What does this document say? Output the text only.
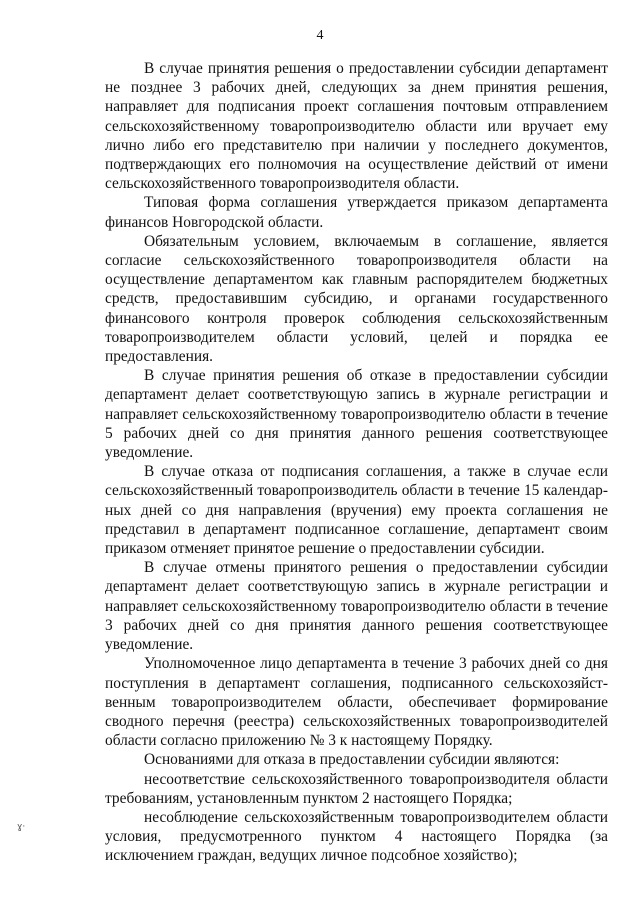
4

В случае принятия решения о предоставлении субсидии департамент не позднее 3 рабочих дней, следующих за днем принятия решения, направляет для подписания проект соглашения почтовым отправлением сельскохозяйственному товаропроизводителю области или вручает ему лично либо его представителю при наличии у последнего документов, подтверждающих его полномочия на осуществление действий от имени сельскохозяйственного товаропроизводителя области.

Типовая форма соглашения утверждается приказом департамента финансов Новгородской области.

Обязательным условием, включаемым в соглашение, является согласие сельскохозяйственного товаропроизводителя области на осуществление департаментом как главным распорядителем бюджетных средств, предоставившим субсидию, и органами государственного финансового контроля проверок соблюдения сельскохозяйственным товаропроизводителем области условий, целей и порядка ее предоставления.

В случае принятия решения об отказе в предоставлении субсидии департамент делает соответствующую запись в журнале регистрации и направляет сельскохозяйственному товаропроизводителю области в течение 5 рабочих дней со дня принятия данного решения соответствующее уведомление.

В случае отказа от подписания соглашения, а также в случае если сельскохозяйственный товаропроизводитель области в течение 15 календарных дней со дня направления (вручения) ему проекта соглашения не представил в департамент подписанное соглашение, департамент своим приказом отменяет принятое решение о предоставлении субсидии.

В случае отмены принятого решения о предоставлении субсидии департамент делает соответствующую запись в журнале регистрации и направляет сельскохозяйственному товаропроизводителю области в течение 3 рабочих дней со дня принятия данного решения соответствующее уведомление.

Уполномоченное лицо департамента в течение 3 рабочих дней со дня поступления в департамент соглашения, подписанного сельскохозяйственным товаропроизводителем области, обеспечивает формирование сводного перечня (реестра) сельскохозяйственных товаропроизводителей области согласно приложению № 3 к настоящему Порядку.

Основаниями для отказа в предоставлении субсидии являются:

несоответствие сельскохозяйственного товаропроизводителя области требованиям, установленным пунктом 2 настоящего Порядка;

несоблюдение сельскохозяйственным товаропроизводителем области условия, предусмотренного пунктом 4 настоящего Порядка (за исключением граждан, ведущих личное подсобное хозяйство);

ɣ·
